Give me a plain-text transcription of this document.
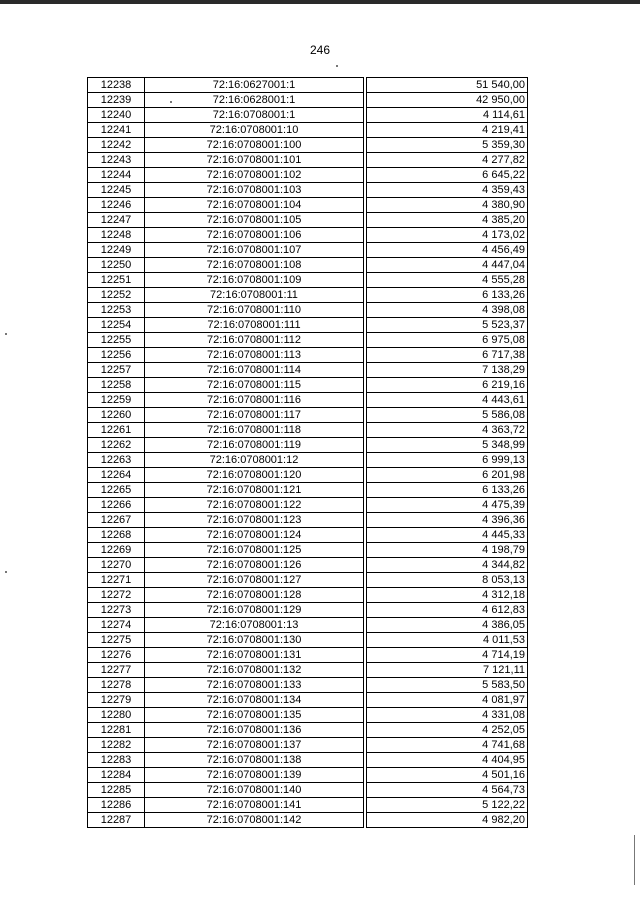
246
12238	72:16:0627001:1		51 540,00
12239	72:16:0628001:1		42 950,00
12240	72:16:0708001:1		4 114,61
12241	72:16:0708001:10		4 219,41
12242	72:16:0708001:100		5 359,30
12243	72:16:0708001:101		4 277,82
12244	72:16:0708001:102		6 645,22
12245	72:16:0708001:103		4 359,43
12246	72:16:0708001:104		4 380,90
12247	72:16:0708001:105		4 385,20
12248	72:16:0708001:106		4 173,02
12249	72:16:0708001:107		4 456,49
12250	72:16:0708001:108		4 447,04
12251	72:16:0708001:109		4 555,28
12252	72:16:0708001:11		6 133,26
12253	72:16:0708001:110		4 398,08
12254	72:16:0708001:111		5 523,37
12255	72:16:0708001:112		6 975,08
12256	72:16:0708001:113		6 717,38
12257	72:16:0708001:114		7 138,29
12258	72:16:0708001:115		6 219,16
12259	72:16:0708001:116		4 443,61
12260	72:16:0708001:117		5 586,08
12261	72:16:0708001:118		4 363,72
12262	72:16:0708001:119		5 348,99
12263	72:16:0708001:12		6 999,13
12264	72:16:0708001:120		6 201,98
12265	72:16:0708001:121		6 133,26
12266	72:16:0708001:122		4 475,39
12267	72:16:0708001:123		4 396,36
12268	72:16:0708001:124		4 445,33
12269	72:16:0708001:125		4 198,79
12270	72:16:0708001:126		4 344,82
12271	72:16:0708001:127		8 053,13
12272	72:16:0708001:128		4 312,18
12273	72:16:0708001:129		4 612,83
12274	72:16:0708001:13		4 386,05
12275	72:16:0708001:130		4 011,53
12276	72:16:0708001:131		4 714,19
12277	72:16:0708001:132		7 121,11
12278	72:16:0708001:133		5 583,50
12279	72:16:0708001:134		4 081,97
12280	72:16:0708001:135		4 331,08
12281	72:16:0708001:136		4 252,05
12282	72:16:0708001:137		4 741,68
12283	72:16:0708001:138		4 404,95
12284	72:16:0708001:139		4 501,16
12285	72:16:0708001:140		4 564,73
12286	72:16:0708001:141		5 122,22
12287	72:16:0708001:142		4 982,20
